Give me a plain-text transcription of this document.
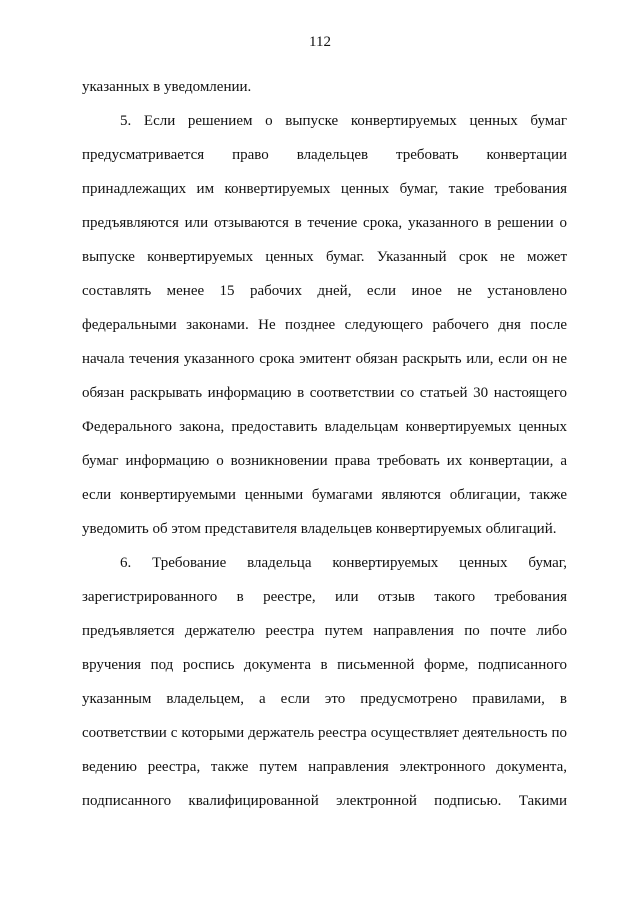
112
указанных в уведомлении.
5. Если решением о выпуске конвертируемых ценных бумаг
предусматривается право владельцев требовать конвертации
принадлежащих им конвертируемых ценных бумаг, такие требования
предъявляются или отзываются в течение срока, указанного в решении о
выпуске конвертируемых ценных бумаг. Указанный срок не может
составлять менее 15 рабочих дней, если иное не установлено
федеральными законами. Не позднее следующего рабочего дня после
начала течения указанного срока эмитент обязан раскрыть или, если он не
обязан раскрывать информацию в соответствии со статьей 30 настоящего
Федерального закона, предоставить владельцам конвертируемых ценных
бумаг информацию о возникновении права требовать их конвертации, а
если конвертируемыми ценными бумагами являются облигации, также
уведомить об этом представителя владельцев конвертируемых облигаций.
6. Требование владельца конвертируемых ценных бумаг,
зарегистрированного в реестре, или отзыв такого требования
предъявляется держателю реестра путем направления по почте либо
вручения под роспись документа в письменной форме, подписанного
указанным владельцем, а если это предусмотрено правилами, в
соответствии с которыми держатель реестра осуществляет деятельность по
ведению реестра, также путем направления электронного документа,
подписанного квалифицированной электронной подписью. Такими
